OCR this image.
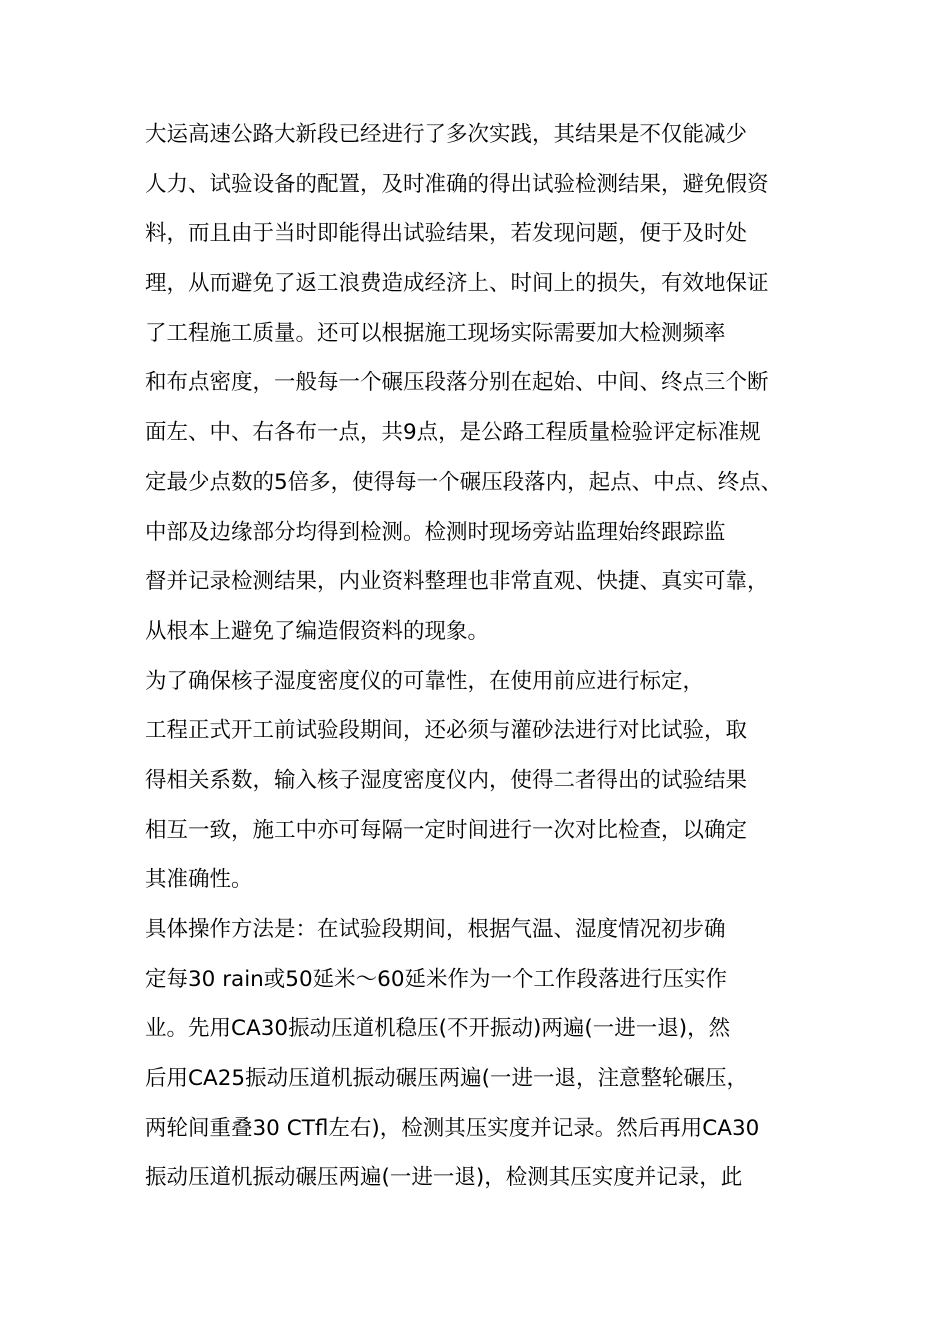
大运高速公路大新段已经进行了多次实践，其结果是不仅能减少
人力、试验设备的配置，及时准确的得出试验检测结果，避免假资
料，而且由于当时即能得出试验结果，若发现问题，便于及时处
理，从而避免了返工浪费造成经济上、时间上的损失，有效地保证
了工程施工质量。还可以根据施工现场实际需要加大检测频率
和布点密度，一般每一个碾压段落分别在起始、中间、终点三个断
面左、中、右各布一点，共9点，是公路工程质量检验评定标准规
定最少点数的5倍多，使得每一个碾压段落内，起点、中点、终点、
中部及边缘部分均得到检测。检测时现场旁站监理始终跟踪监
督并记录检测结果，内业资料整理也非常直观、快捷、真实可靠，
从根本上避免了编造假资料的现象。
为了确保核子湿度密度仪的可靠性，在使用前应进行标定，
工程正式开工前试验段期间，还必须与灌砂法进行对比试验，取
得相关系数，输入核子湿度密度仪内，使得二者得出的试验结果
相互一致，施工中亦可每隔一定时间进行一次对比检查，以确定
其准确性。
具体操作方法是：在试验段期间，根据气温、湿度情况初步确
定每30 rain或50延米～60延米作为一个工作段落进行压实作
业。先用CA30振动压道机稳压(不开振动)两遍(一进一退)，然
后用CA25振动压道机振动碾压两遍(一进一退，注意整轮碾压，
两轮间重叠30 CTfl左右)，检测其压实度并记录。然后再用CA30
振动压道机振动碾压两遍(一进一退)，检测其压实度并记录，此
